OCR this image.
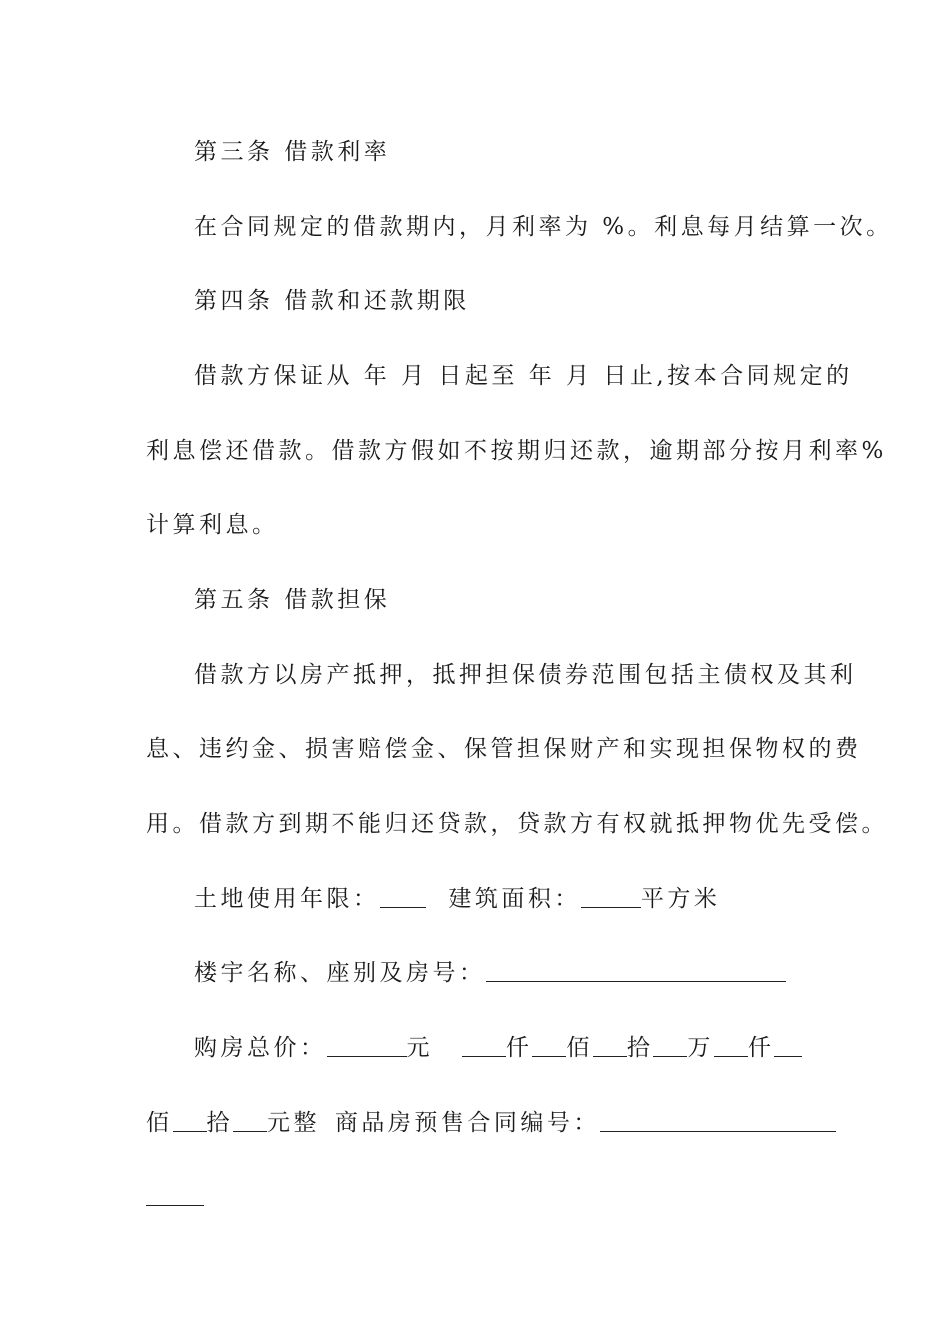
第三条 借款利率
在合同规定的借款期内，月利率为 %。利息每月结算一次。
第四条 借款和还款期限
借款方保证从 年 月 日起至 年 月 日止,按本合同规定的
利息偿还借款。借款方假如不按期归还款，逾期部分按月利率%
计算利息。
第五条 借款担保
借款方以房产抵押，抵押担保债券范围包括主债权及其利
息、违约金、损害赔偿金、保管担保财产和实现担保物权的费
用。借款方到期不能归还贷款，贷款方有权就抵押物优先受偿。
土地使用年限：	建筑面积：	平方米
楼宇名称、座别及房号：
购房总价：	元	仟 佰 拾 万 仟
佰 拾 元整 商品房预售合同编号：
